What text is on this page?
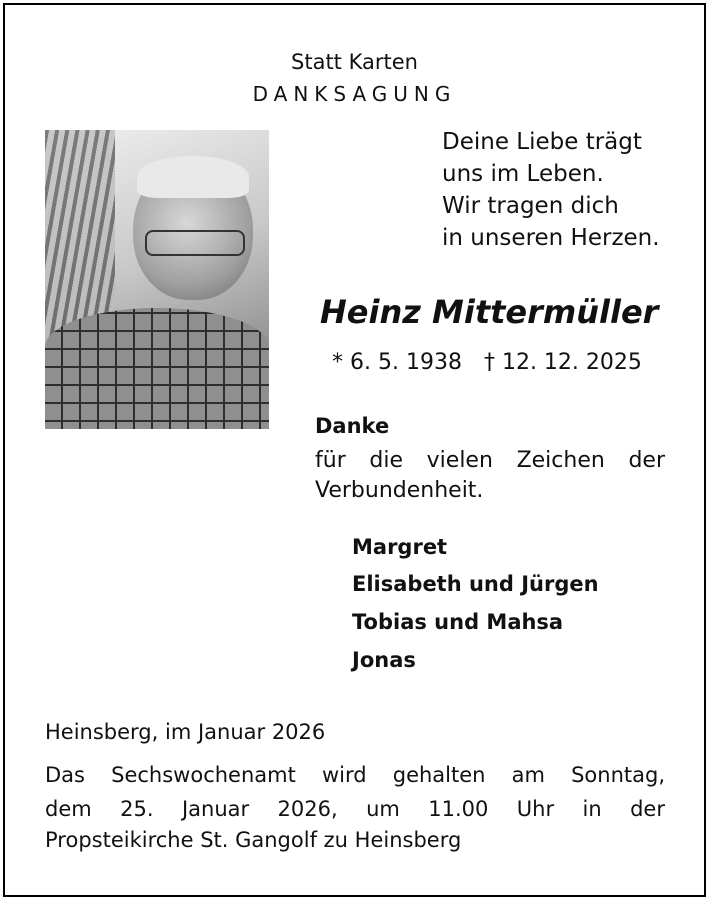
Statt Karten
DANKSAGUNG
Deine Liebe trägt
uns im Leben.
Wir tragen dich
in unseren Herzen.
Heinz Mittermüller
* 6. 5. 1938 † 12. 12. 2025
Danke
für die vielen Zeichen der
Verbundenheit.
Margret
Elisabeth und Jürgen
Tobias und Mahsa
Jonas
Heinsberg, im Januar 2026
Das Sechswochenamt wird gehalten am Sonntag,
dem 25. Januar 2026, um 11.00 Uhr in der
Propsteikirche St. Gangolf zu Heinsberg
